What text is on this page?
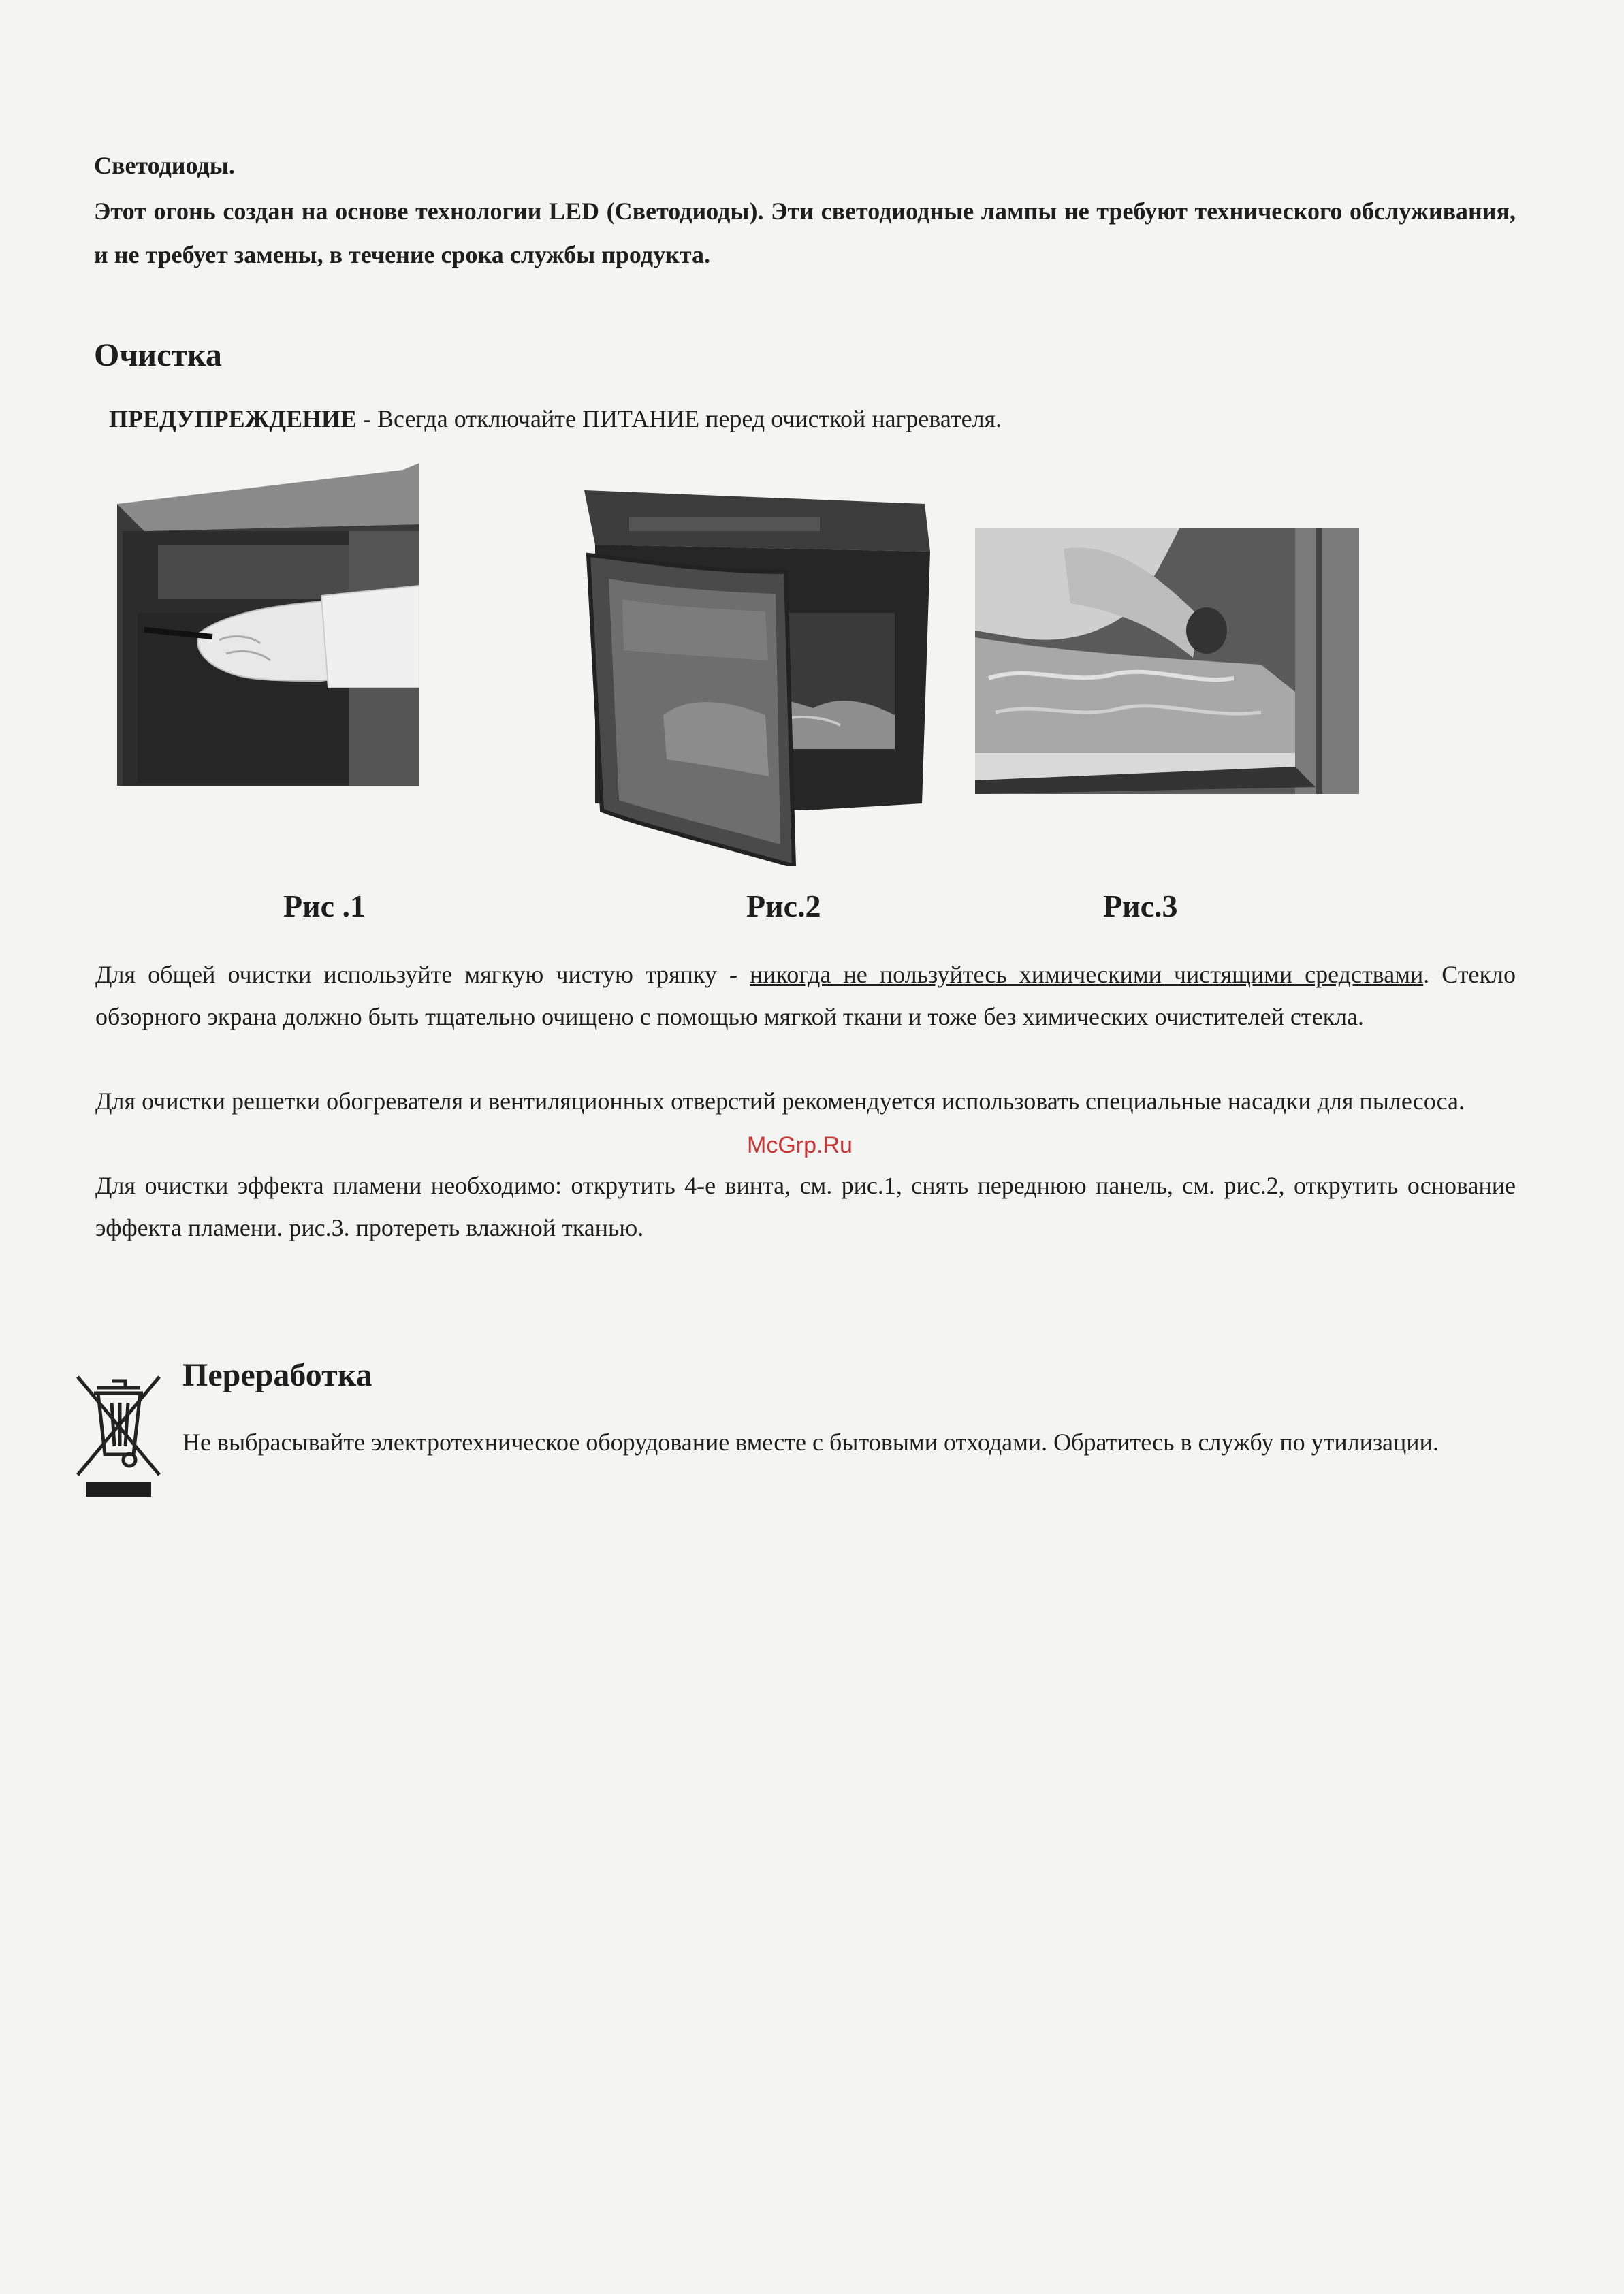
Светодиоды.
Этот огонь создан на основе технологии LED (Светодиоды). Эти светодиодные лампы не требуют технического обслуживания, и не требует замены, в течение срока службы продукта.
Очистка
ПРЕДУПРЕЖДЕНИЕ - Всегда отключайте ПИТАНИЕ перед очисткой нагревателя.
Рис .1	Рис.2	Рис.3
Для общей очистки используйте мягкую чистую тряпку - никогда не пользуйтесь химическими чистящими средствами. Стекло обзорного экрана должно быть тщательно очищено с помощью мягкой ткани и тоже без химических очистителей стекла.
Для очистки решетки обогревателя и вентиляционных отверстий рекомендуется использовать специальные насадки для пылесоса.
Для очистки эффекта пламени необходимо: открутить 4-е винта, см. рис.1, снять переднюю панель, см. рис.2, открутить основание эффекта пламени. рис.3. протереть влажной тканью.
McGrp.Ru
Переработка
Не выбрасывайте электротехническое оборудование вместе с бытовыми отходами. Обратитесь в службу по утилизации.
